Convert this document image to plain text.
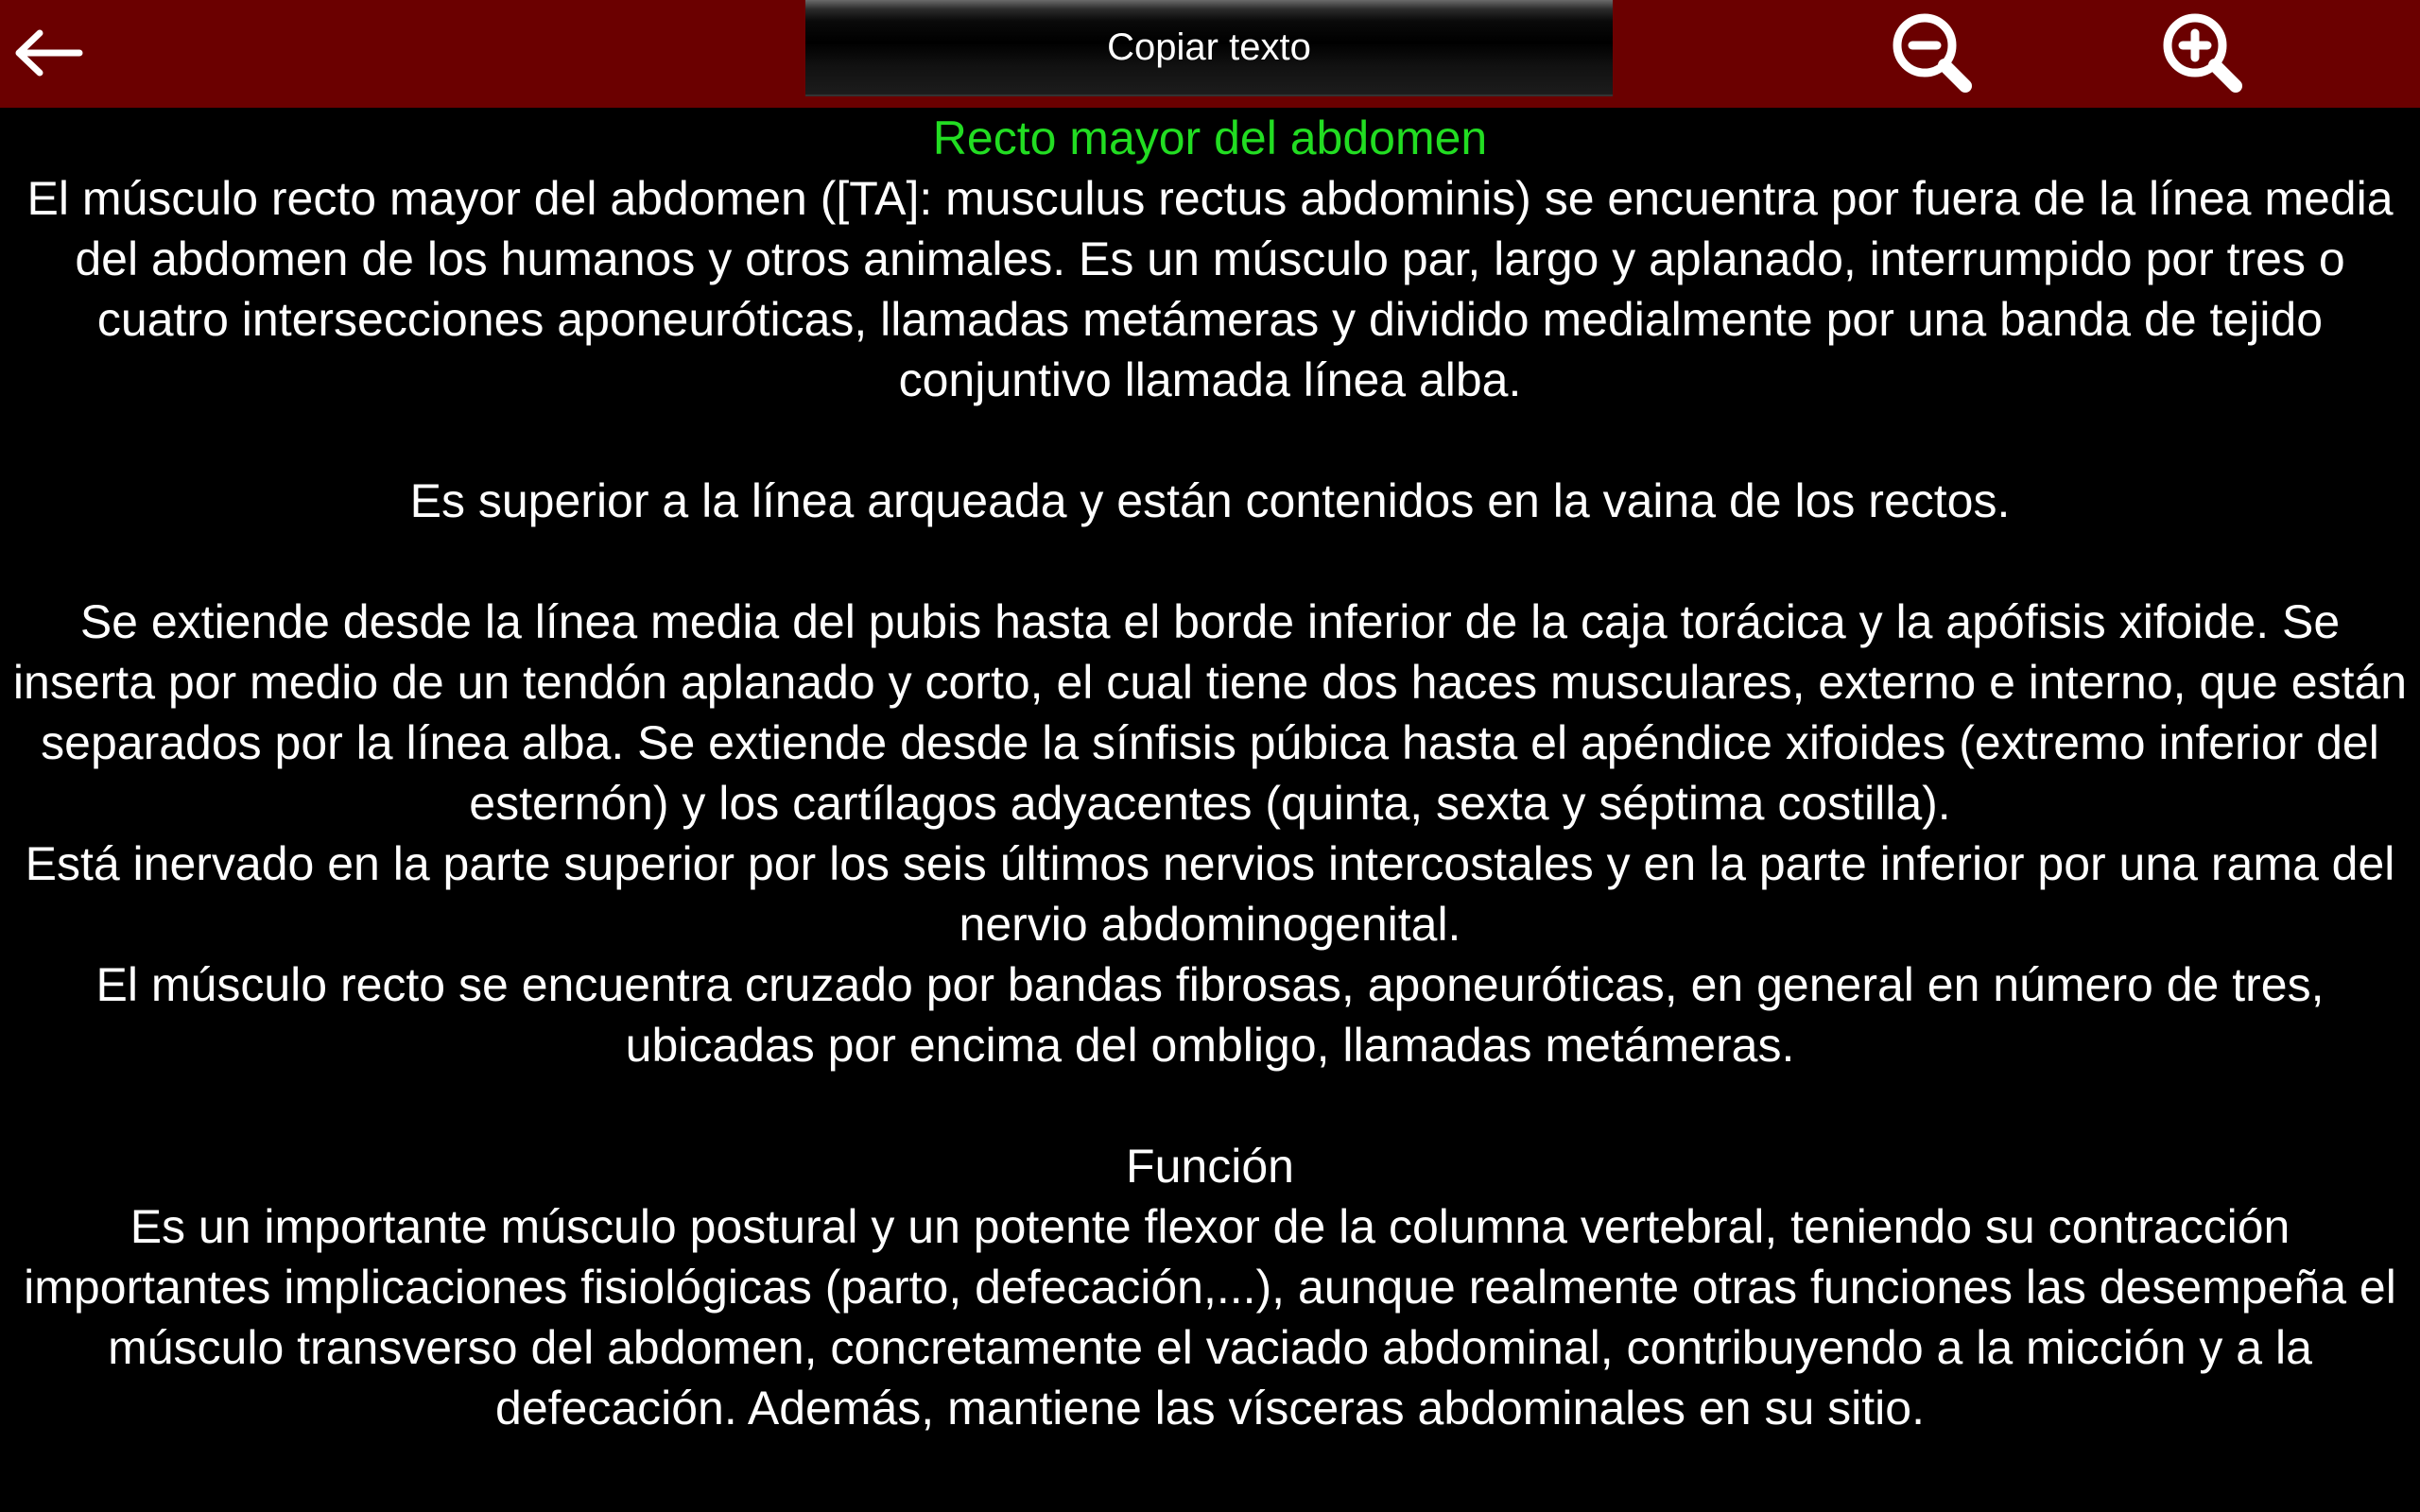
Copiar texto
Recto mayor del abdomen
El músculo recto mayor del abdomen ([TA]: musculus rectus abdominis) se encuentra por fuera de la línea media del abdomen de los humanos y otros animales. Es un músculo par, largo y aplanado, interrumpido por tres o cuatro intersecciones aponeuróticas, llamadas metámeras y dividido medialmente por una banda de tejido conjuntivo llamada línea alba.
Es superior a la línea arqueada y están contenidos en la vaina de los rectos.
Se extiende desde la línea media del pubis hasta el borde inferior de la caja torácica y la apófisis xifoide. Se inserta por medio de un tendón aplanado y corto, el cual tiene dos haces musculares, externo e interno, que están separados por la línea alba. Se extiende desde la sínfisis púbica hasta el apéndice xifoides (extremo inferior del esternón) y los cartílagos adyacentes (quinta, sexta y séptima costilla).
Está inervado en la parte superior por los seis últimos nervios intercostales y en la parte inferior por una rama del nervio abdominogenital.
El músculo recto se encuentra cruzado por bandas fibrosas, aponeuróticas, en general en número de tres, ubicadas por encima del ombligo, llamadas metámeras.
Función
Es un importante músculo postural y un potente flexor de la columna vertebral, teniendo su contracción importantes implicaciones fisiológicas (parto, defecación,...), aunque realmente otras funciones las desempeña el músculo transverso del abdomen, concretamente el vaciado abdominal, contribuyendo a la micción y a la defecación. Además, mantiene las vísceras abdominales en su sitio.
